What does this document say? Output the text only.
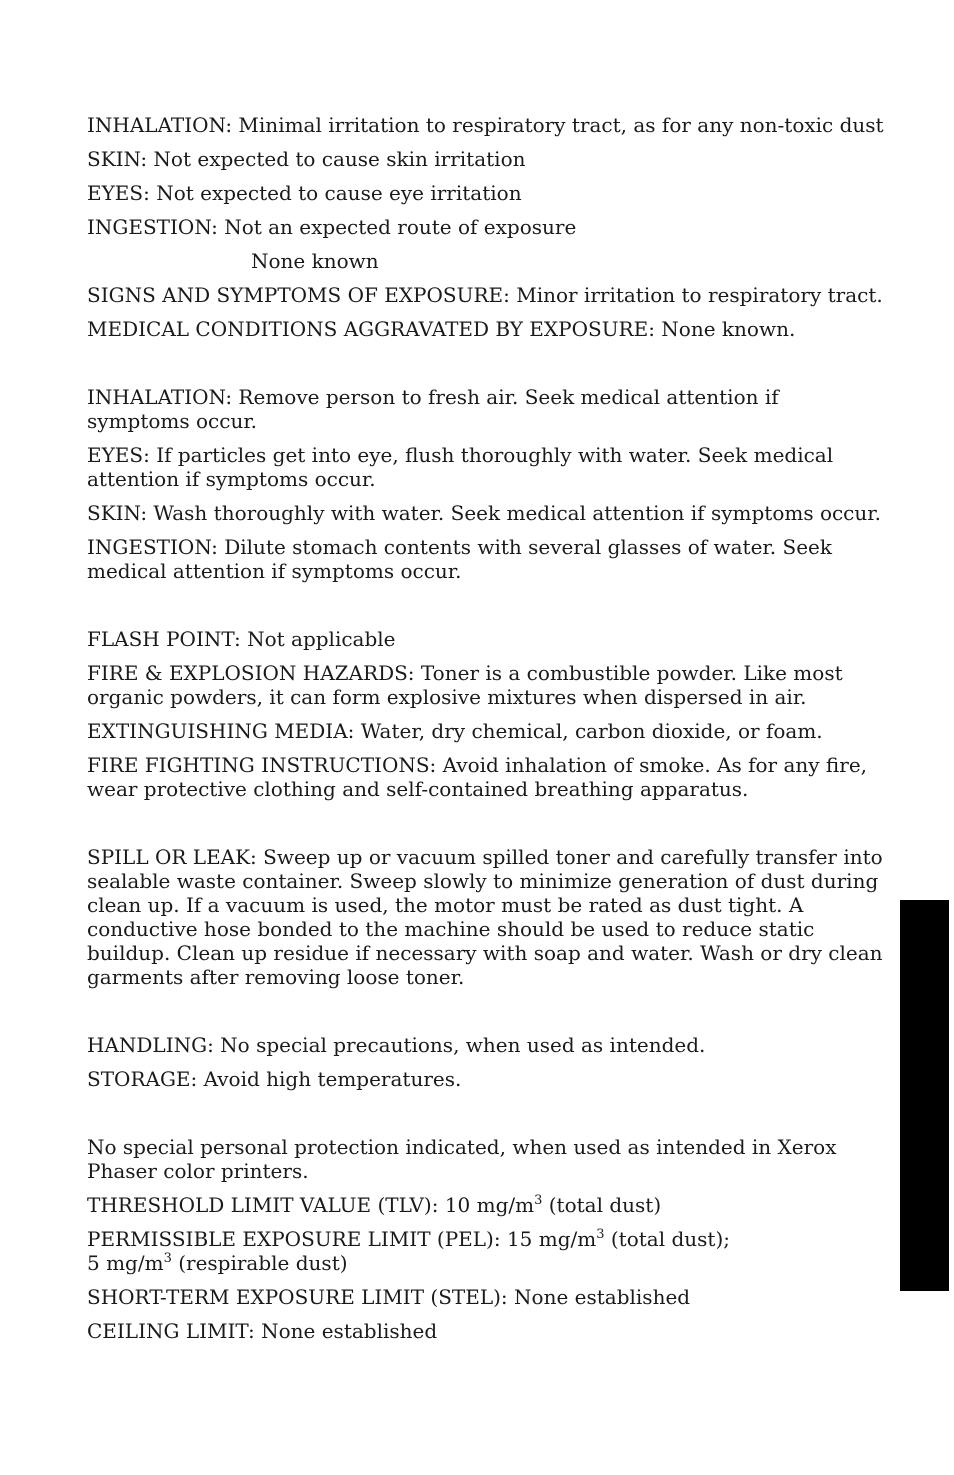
INHALATION: Minimal irritation to respiratory tract, as for any non-toxic dust
SKIN: Not expected to cause skin irritation
EYES: Not expected to cause eye irritation
INGESTION: Not an expected route of exposure
None known
SIGNS AND SYMPTOMS OF EXPOSURE: Minor irritation to respiratory tract.
MEDICAL CONDITIONS AGGRAVATED BY EXPOSURE: None known.
INHALATION: Remove person to fresh air. Seek medical attention if symptoms occur.
EYES: If particles get into eye, flush thoroughly with water. Seek medical attention if symptoms occur.
SKIN: Wash thoroughly with water. Seek medical attention if symptoms occur.
INGESTION: Dilute stomach contents with several glasses of water. Seek medical attention if symptoms occur.
FLASH POINT: Not applicable
FIRE & EXPLOSION HAZARDS: Toner is a combustible powder. Like most organic powders, it can form explosive mixtures when dispersed in air.
EXTINGUISHING MEDIA: Water, dry chemical, carbon dioxide, or foam.
FIRE FIGHTING INSTRUCTIONS: Avoid inhalation of smoke. As for any fire, wear protective clothing and self-contained breathing apparatus.
SPILL OR LEAK: Sweep up or vacuum spilled toner and carefully transfer into sealable waste container. Sweep slowly to minimize generation of dust during clean up. If a vacuum is used, the motor must be rated as dust tight. A conductive hose bonded to the machine should be used to reduce static buildup. Clean up residue if necessary with soap and water. Wash or dry clean garments after removing loose toner.
HANDLING: No special precautions, when used as intended.
STORAGE: Avoid high temperatures.
No special personal protection indicated, when used as intended in Xerox Phaser color printers.
THRESHOLD LIMIT VALUE (TLV): 10 $mg/m^3$ (total dust)
PERMISSIBLE EXPOSURE LIMIT (PEL): 15 $mg/m^3$ (total dust);
5 $mg/m^3$ (respirable dust)
SHORT-TERM EXPOSURE LIMIT (STEL): None established
CEILING LIMIT: None established
